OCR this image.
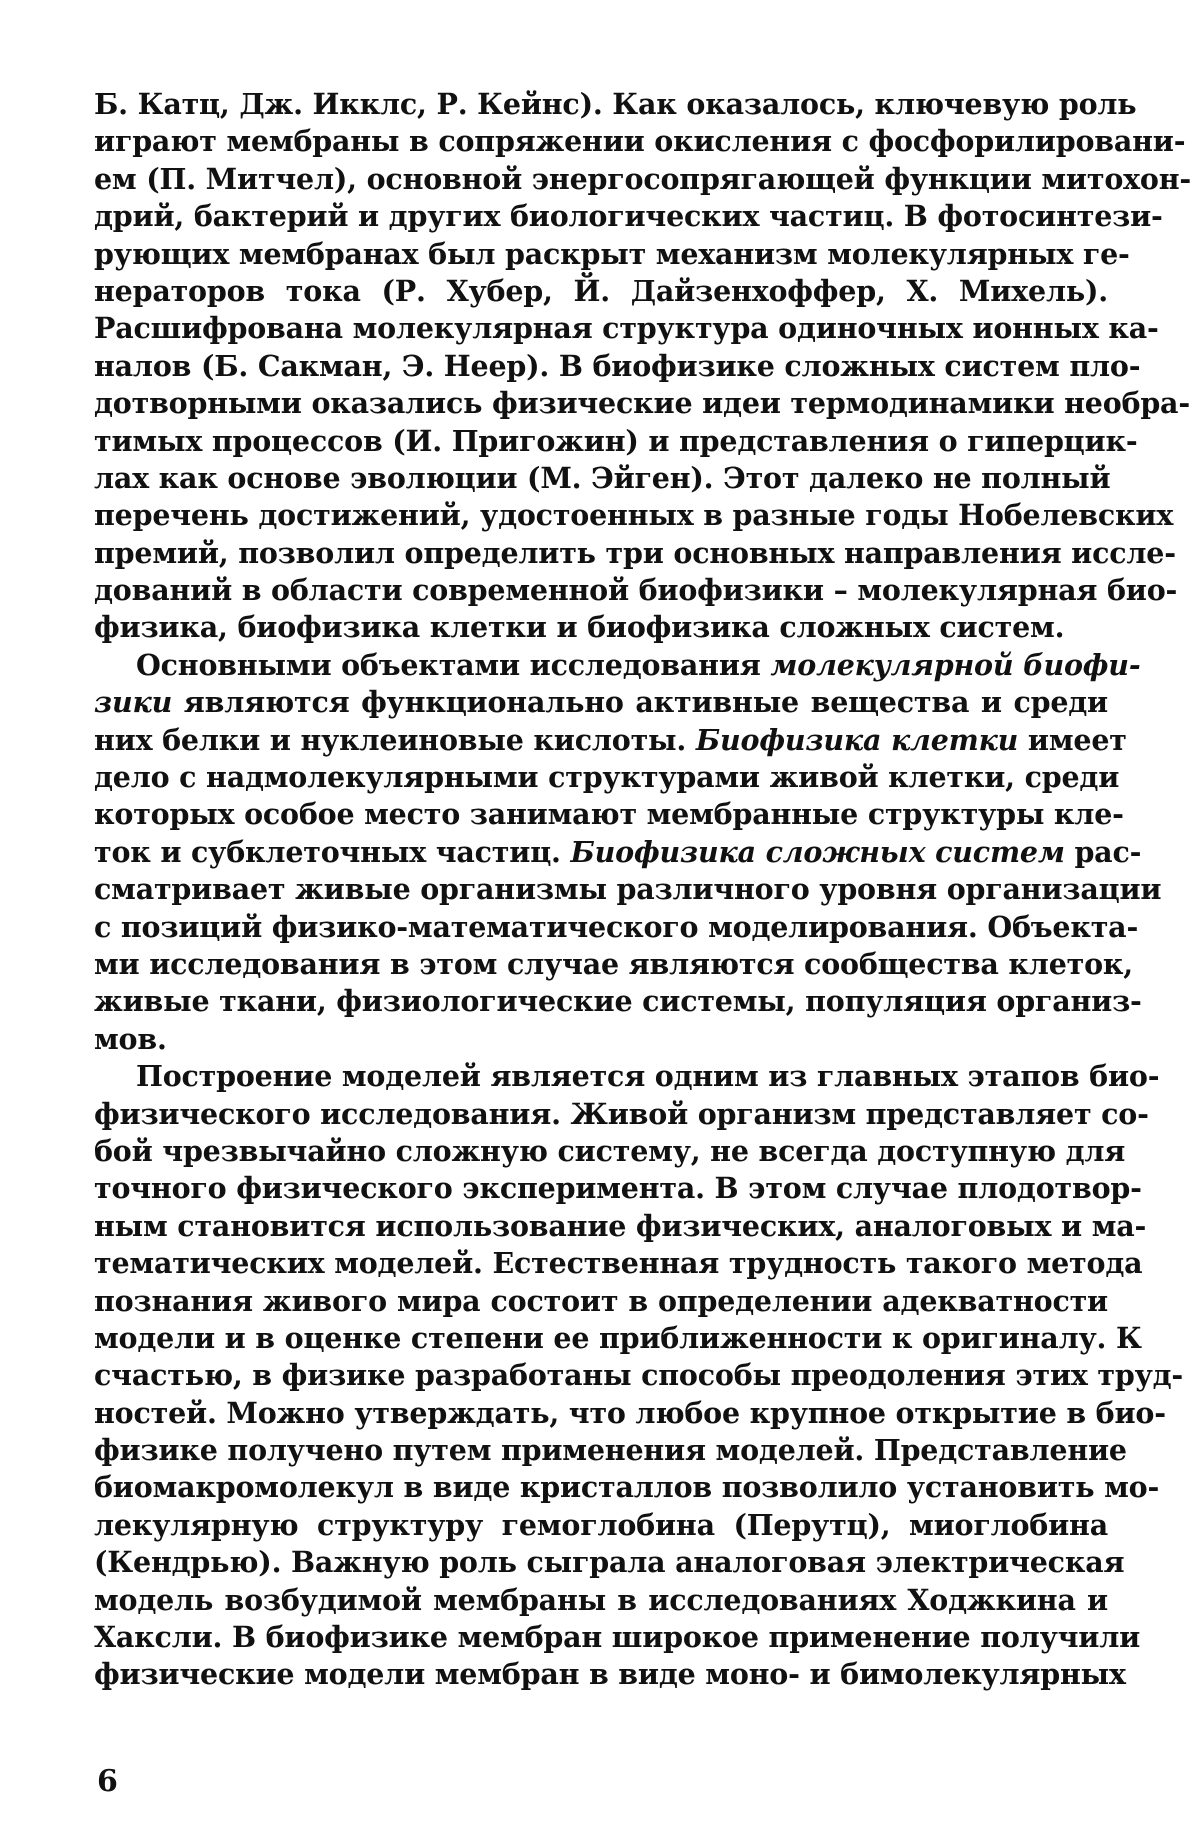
Б. Катц, Дж. Икклс, Р. Кейнс). Как оказалось, ключевую роль
играют мембраны в сопряжении окисления с фосфорилировани-
ем (П. Митчел), основной энергосопрягающей функции митохон-
дрий, бактерий и других биологических частиц. В фотосинтези-
рующих мембранах был раскрыт механизм молекулярных ге-
нераторов тока (Р. Хубер, Й. Дайзенхоффер, Х. Михель).
Расшифрована молекулярная структура одиночных ионных ка-
налов (Б. Сакман, Э. Неер). В биофизике сложных систем пло-
дотворными оказались физические идеи термодинамики необра-
тимых процессов (И. Пригожин) и представления о гиперцик-
лах как основе эволюции (М. Эйген). Этот далеко не полный
перечень достижений, удостоенных в разные годы Нобелевских
премий, позволил определить три основных направления иссле-
дований в области современной биофизики – молекулярная био-
физика, биофизика клетки и биофизика сложных систем.
Основными объектами исследования молекулярной биофи-
зики являются функционально активные вещества и среди
них белки и нуклеиновые кислоты. Биофизика клетки имеет
дело с надмолекулярными структурами живой клетки, среди
которых особое место занимают мембранные структуры кле-
ток и субклеточных частиц. Биофизика сложных систем рас-
сматривает живые организмы различного уровня организации
с позиций физико-математического моделирования. Объекта-
ми исследования в этом случае являются сообщества клеток,
живые ткани, физиологические системы, популяция организ-
мов.
Построение моделей является одним из главных этапов био-
физического исследования. Живой организм представляет со-
бой чрезвычайно сложную систему, не всегда доступную для
точного физического эксперимента. В этом случае плодотвор-
ным становится использование физических, аналоговых и ма-
тематических моделей. Естественная трудность такого метода
познания живого мира состоит в определении адекватности
модели и в оценке степени ее приближенности к оригиналу. К
счастью, в физике разработаны способы преодоления этих труд-
ностей. Можно утверждать, что любое крупное открытие в био-
физике получено путем применения моделей. Представление
биомакромолекул в виде кристаллов позволило установить мо-
лекулярную структуру гемоглобина (Перутц), миоглобина
(Кендрью). Важную роль сыграла аналоговая электрическая
модель возбудимой мембраны в исследованиях Ходжкина и
Хаксли. В биофизике мембран широкое применение получили
физические модели мембран в виде моно- и бимолекулярных
6
